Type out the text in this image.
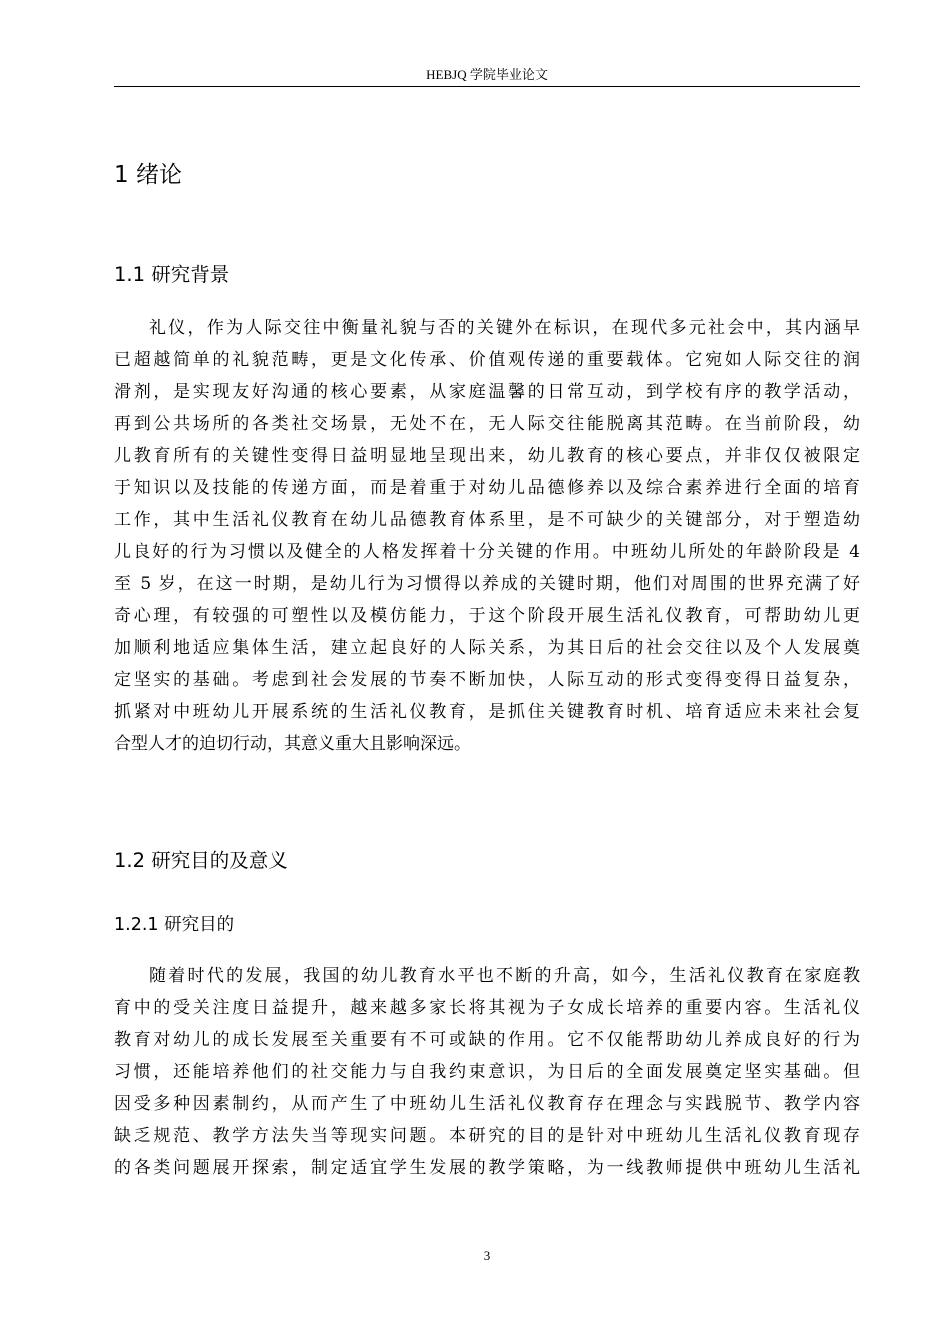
HEBJQ 学院毕业论文
1 绪论
1.1 研究背景
礼仪，作为人际交往中衡量礼貌与否的关键外在标识，在现代多元社会中，其内涵早
已超越简单的礼貌范畴，更是文化传承、价值观传递的重要载体。它宛如人际交往的润
滑剂，是实现友好沟通的核心要素，从家庭温馨的日常互动，到学校有序的教学活动，
再到公共场所的各类社交场景，无处不在，无人际交往能脱离其范畴。在当前阶段，幼
儿教育所有的关键性变得日益明显地呈现出来，幼儿教育的核心要点，并非仅仅被限定
于知识以及技能的传递方面，而是着重于对幼儿品德修养以及综合素养进行全面的培育
工作，其中生活礼仪教育在幼儿品德教育体系里，是不可缺少的关键部分，对于塑造幼
儿良好的行为习惯以及健全的人格发挥着十分关键的作用。中班幼儿所处的年龄阶段是 4
至 5 岁，在这一时期，是幼儿行为习惯得以养成的关键时期，他们对周围的世界充满了好
奇心理，有较强的可塑性以及模仿能力，于这个阶段开展生活礼仪教育，可帮助幼儿更
加顺利地适应集体生活，建立起良好的人际关系，为其日后的社会交往以及个人发展奠
定坚实的基础。考虑到社会发展的节奏不断加快，人际互动的形式变得变得日益复杂，
抓紧对中班幼儿开展系统的生活礼仪教育，是抓住关键教育时机、培育适应未来社会复
合型人才的迫切行动，其意义重大且影响深远。
1.2 研究目的及意义
1.2.1 研究目的
随着时代的发展，我国的幼儿教育水平也不断的升高，如今，生活礼仪教育在家庭教
育中的受关注度日益提升，越来越多家长将其视为子女成长培养的重要内容。生活礼仪
教育对幼儿的成长发展至关重要有不可或缺的作用。它不仅能帮助幼儿养成良好的行为
习惯，还能培养他们的社交能力与自我约束意识，为日后的全面发展奠定坚实基础。但
因受多种因素制约，从而产生了中班幼儿生活礼仪教育存在理念与实践脱节、教学内容
缺乏规范、教学方法失当等现实问题。本研究的目的是针对中班幼儿生活礼仪教育现存
的各类问题展开探索，制定适宜学生发展的教学策略，为一线教师提供中班幼儿生活礼
3
